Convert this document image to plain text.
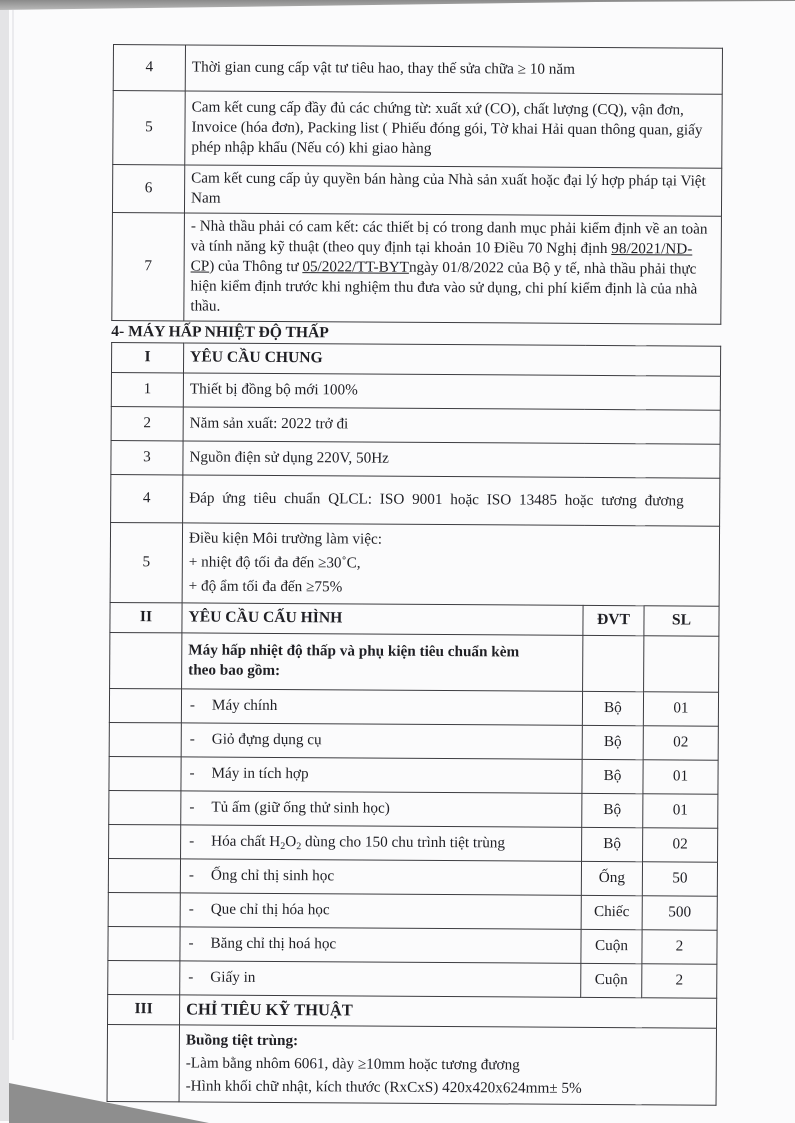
4	Thời gian cung cấp vật tư tiêu hao, thay thế sửa chữa ≥ 10 năm
5	Cam kết cung cấp đầy đủ các chứng từ: xuất xứ (CO), chất lượng (CQ), vận đơn, Invoice (hóa đơn), Packing list ( Phiếu đóng gói, Tờ khai Hải quan thông quan, giấy phép nhập khẩu (Nếu có) khi giao hàng
6	Cam kết cung cấp ủy quyền bán hàng của Nhà sản xuất hoặc đại lý hợp pháp tại Việt Nam
7	- Nhà thầu phải có cam kết: các thiết bị có trong danh mục phải kiểm định về an toàn và tính năng kỹ thuật (theo quy định tại khoản 10 Điều 70 Nghị định 98/2021/ND-CP) của Thông tư 05/2022/TT-BYTngày 01/8/2022 của Bộ y tế, nhà thầu phải thực hiện kiểm định trước khi nghiệm thu đưa vào sử dụng, chi phí kiểm định là của nhà thầu.
4- MÁY HẤP NHIỆT ĐỘ THẤP
I	YÊU CẦU CHUNG		
1	Thiết bị đồng bộ mới 100%		
2	Năm sản xuất: 2022 trở đi		
3	Nguồn điện sử dụng 220V, 50Hz		
4	Đáp ứng tiêu chuẩn QLCL: ISO 9001 hoặc ISO 13485 hoặc tương đương		
5	Điều kiện Môi trường làm việc:
+ nhiệt độ tối đa đến ≥30˚C,
+ độ ẩm tối đa đến ≥75%		

II	YÊU CẦU CẤU HÌNH	ĐVT	SL
	Máy hấp nhiệt độ thấp và phụ kiện tiêu chuẩn kèm theo bao gồm:		
	- Máy chính	Bộ	01
	- Giỏ đựng dụng cụ	Bộ	02
	- Máy in tích hợp	Bộ	01
	- Tủ ấm (giữ ống thử sinh học)	Bộ	01
	- Hóa chất $H_2O_2$ dùng cho 150 chu trình tiệt trùng	Bộ	02
	- Ống chỉ thị sinh học	Ống	50
	- Que chỉ thị hóa học	Chiếc	500
	- Băng chỉ thị hoá học	Cuộn	2
	- Giấy in	Cuộn	2
III	CHỈ TIÊU KỸ THUẬT		

	Buồng tiệt trùng:
-Làm bằng nhôm 6061, dày ≥10mm hoặc tương đương
-Hình khối chữ nhật, kích thước (RxCxS) 420x420x624mm± 5%		
